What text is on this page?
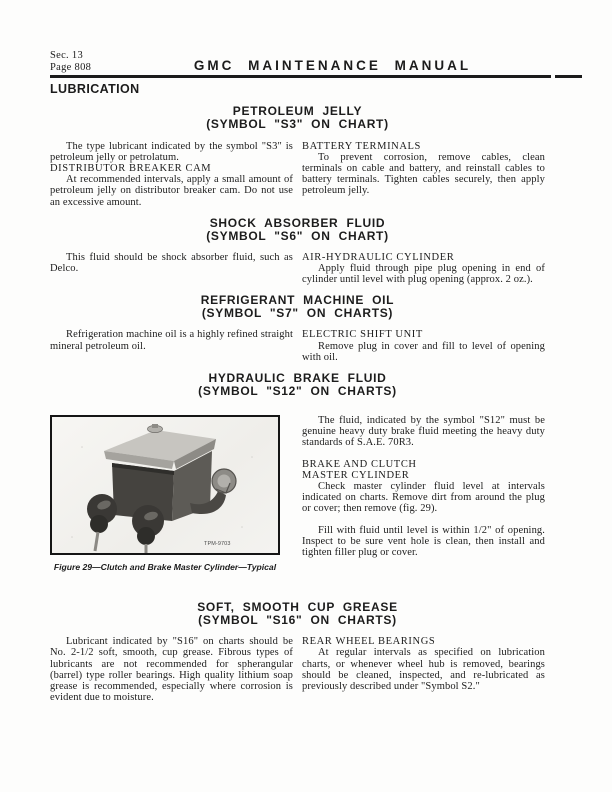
Sec. 13
Page 808	GMC MAINTENANCE MANUAL
LUBRICATION
PETROLEUM JELLY
(SYMBOL "S3" ON CHART)

The type lubricant indicated by the symbol "S3" is petroleum jelly or petrolatum.

DISTRIBUTOR BREAKER CAM

At recommended intervals, apply a small amount of petroleum jelly on distributor breaker cam. Do not use an excessive amount.

BATTERY TERMINALS

To prevent corrosion, remove cables, clean terminals on cable and battery, and reinstall cables to battery terminals. Tighten cables securely, then apply petroleum jelly.

SHOCK ABSORBER FLUID
(SYMBOL "S6" ON CHART)

This fluid should be shock absorber fluid, such as Delco.

AIR-HYDRAULIC CYLINDER

Apply fluid through pipe plug opening in end of cylinder until level with plug opening (approx. 2 oz.).

REFRIGERANT MACHINE OIL
(SYMBOL "S7" ON CHARTS)

Refrigeration machine oil is a highly refined straight mineral petroleum oil.

ELECTRIC SHIFT UNIT

Remove plug in cover and fill to level of opening with oil.

HYDRAULIC BRAKE FLUID
(SYMBOL "S12" ON CHARTS)
TPM-9703
Figure 29—Clutch and Brake Master Cylinder—Typical

The fluid, indicated by the symbol "S12" must be genuine heavy duty brake fluid meeting the heavy duty standards of S.A.E. 70R3.

BRAKE AND CLUTCH

MASTER CYLINDER

Check master cylinder fluid level at intervals indicated on charts. Remove dirt from around the plug or cover; then remove (fig. 29).

Fill with fluid until level is within 1/2" of opening. Inspect to be sure vent hole is clean, then install and tighten filler plug or cover.

SOFT, SMOOTH CUP GREASE
(SYMBOL "S16" ON CHARTS)

Lubricant indicated by "S16" on charts should be No. 2-1/2 soft, smooth, cup grease. Fibrous types of lubricants are not recommended for spherangular (barrel) type roller bearings. High quality lithium soap grease is recommended, especially where corrosion is evident due to moisture.

REAR WHEEL BEARINGS

At regular intervals as specified on lubrication charts, or whenever wheel hub is removed, bearings should be cleaned, inspected, and re-lubricated as previously described under "Symbol S2."
